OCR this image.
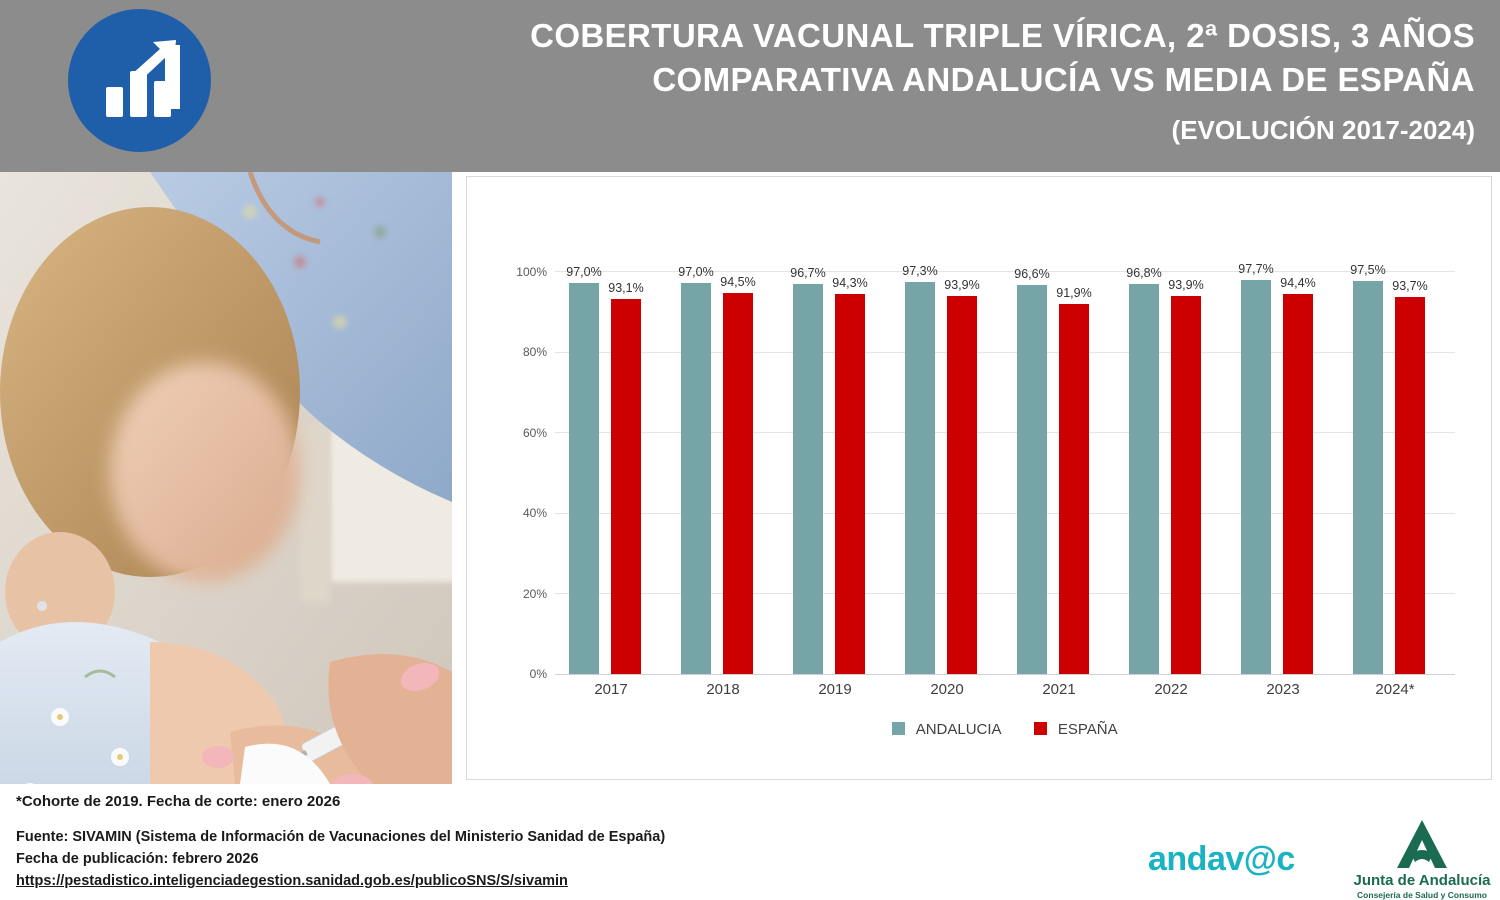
COBERTURA VACUNAL TRIPLE VÍRICA, 2ª DOSIS, 3 AÑOS
COMPARATIVA ANDALUCÍA VS MEDIA DE ESPAÑA
(EVOLUCIÓN 2017-2024)
100%
80%
60%
40%
20%
0%
97,0%
93,1%
97,0%
94,5%
96,7%
94,3%
97,3%
93,9%
96,6%
91,9%
96,8%
93,9%
97,7%
94,4%
97,5%
93,7%
2017	2018	2019	2020	2021	2022	2023	2024*
ANDALUCIA	ESPAÑA
*Cohorte de 2019. Fecha de corte: enero 2026
Fuente: SIVAMIN (Sistema de Información de Vacunaciones del Ministerio Sanidad de España)
Fecha de publicación: febrero 2026
https://pestadistico.inteligenciadegestion.sanidad.gob.es/publicoSNS/S/sivamin
andav@c
Junta de Andalucía
Consejería de Salud y Consumo
